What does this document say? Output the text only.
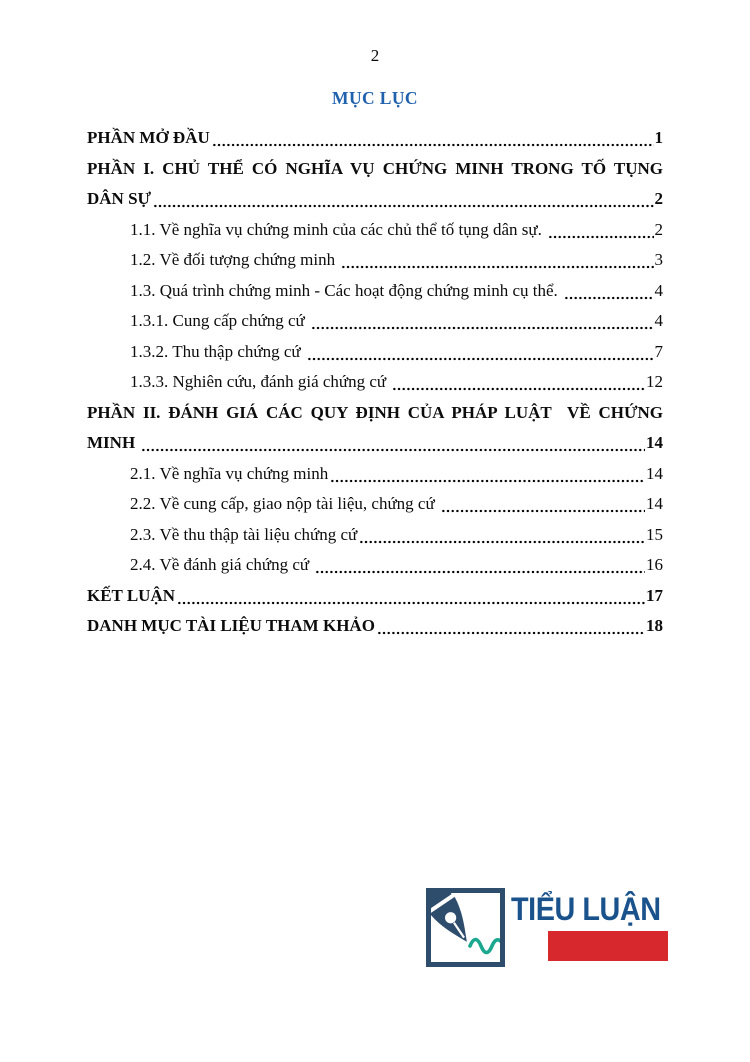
2
MỤC LỤC
PHẦN MỞ ĐẦU	1
PHẦN I. CHỦ THỂ CÓ NGHĨA VỤ CHỨNG MINH TRONG TỐ TỤNG
DÂN SỰ	2
1.1. Về nghĩa vụ chứng minh của các chủ thể tố tụng dân sự.	2
1.2. Về đối tượng chứng minh	3
1.3. Quá trình chứng minh - Các hoạt động chứng minh cụ thể.	4
1.3.1. Cung cấp chứng cứ	4
1.3.2. Thu thập chứng cứ	7
1.3.3. Nghiên cứu, đánh giá chứng cứ	12
PHẦN II. ĐÁNH GIÁ CÁC QUY ĐỊNH CỦA PHÁP LUẬT  VỀ CHỨNG
MINH	14
2.1. Về nghĩa vụ chứng minh	14
2.2. Về cung cấp, giao nộp tài liệu, chứng cứ	14
2.3. Về thu thập tài liệu chứng cứ	15
2.4. Về đánh giá chứng cứ	16
KẾT LUẬN	17
DANH MỤC TÀI LIỆU THAM KHẢO	18
TIỂU LUẬN

NGÀNH LUẬT
